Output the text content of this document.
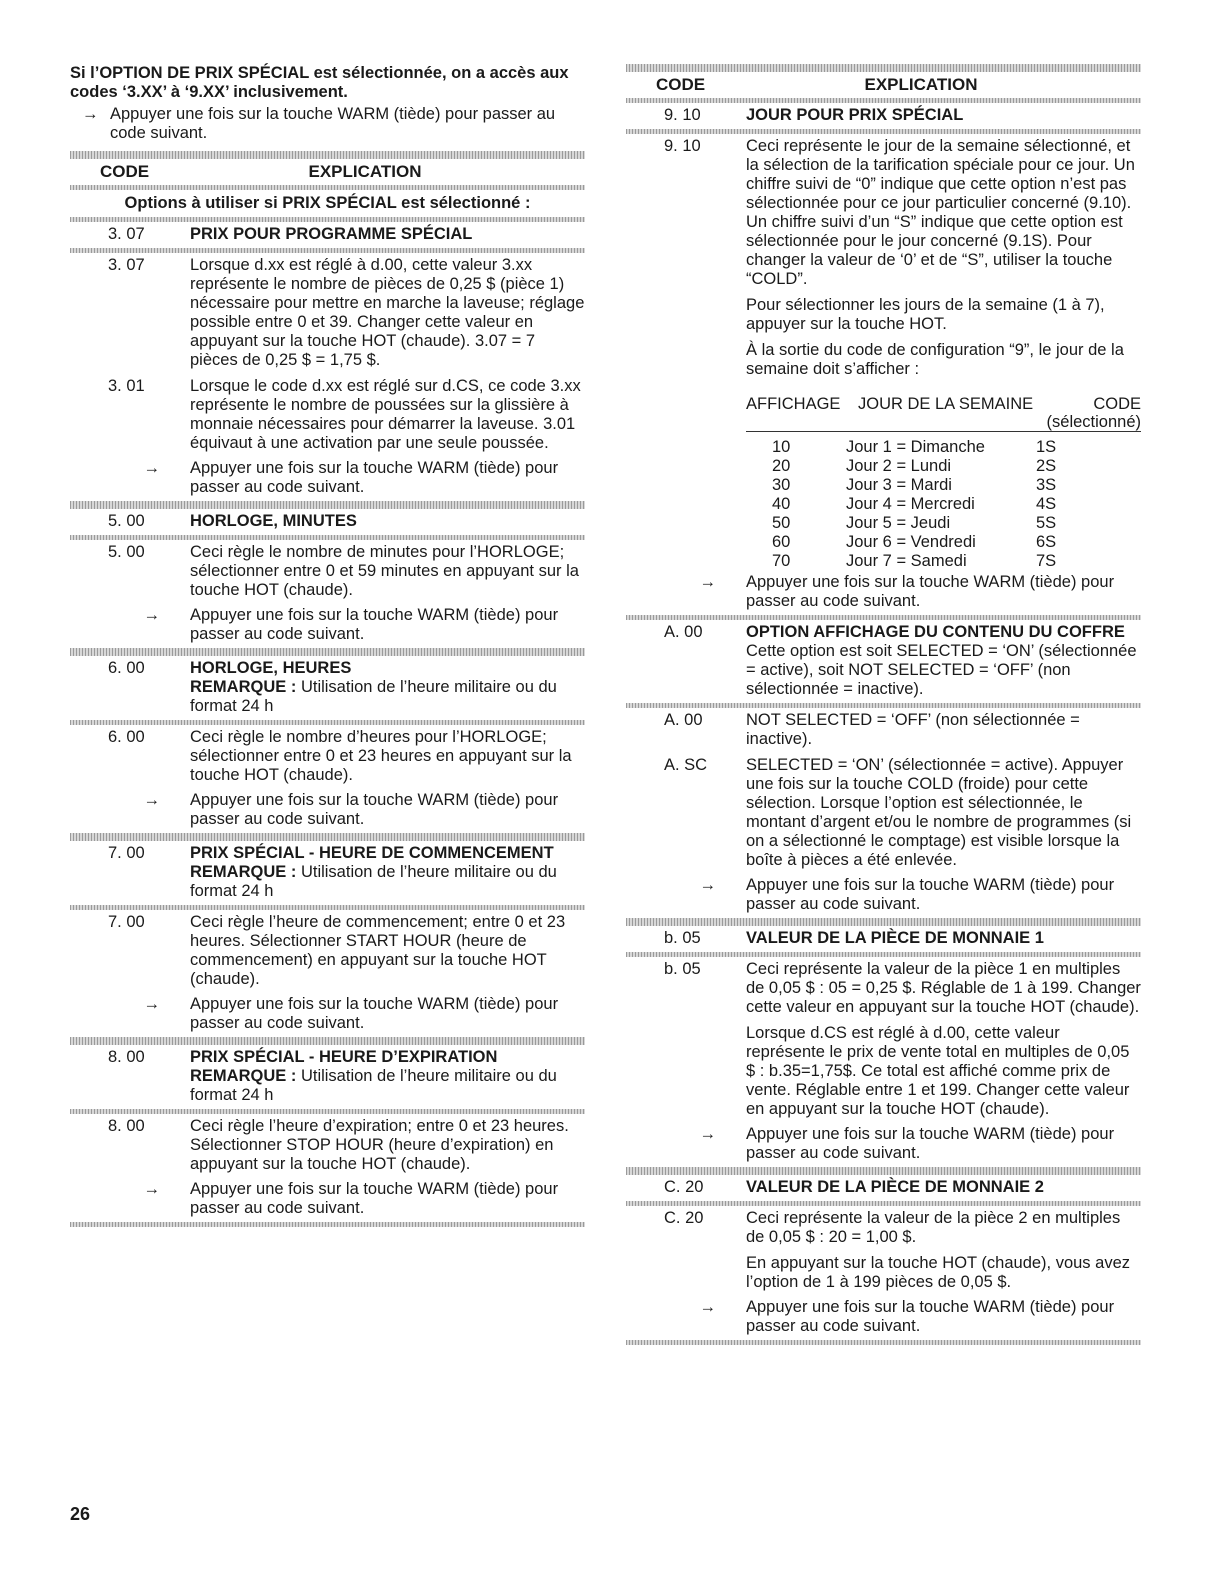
Si l’OPTION DE PRIX SPÉCIAL est sélectionnée, on a accès aux codes ‘3.XX’ à ‘9.XX’ inclusivement.
→ Appuyer une fois sur la touche WARM (tiède) pour passer au code suivant.
CODE	EXPLICATION
Options à utiliser si PRIX SPÉCIAL est sélectionné :
3. 07	PRIX POUR PROGRAMME SPÉCIAL
3. 07	Lorsque d.xx est réglé à d.00, cette valeur 3.xx représente le nombre de pièces de 0,25 $ (pièce 1) nécessaire pour mettre en marche la laveuse; réglage possible entre 0 et 39. Changer cette valeur en appuyant sur la touche HOT (chaude). 3.07 = 7 pièces de 0,25 $ = 1,75 $.
3. 01	Lorsque le code d.xx est réglé sur d.CS, ce code 3.xx représente le nombre de poussées sur la glissière à monnaie nécessaires pour démarrer la laveuse. 3.01 équivaut à une activation par une seule poussée.
→	Appuyer une fois sur la touche WARM (tiède) pour passer au code suivant.
5. 00	HORLOGE, MINUTES
5. 00	Ceci règle le nombre de minutes pour l’HORLOGE; sélectionner entre 0 et 59 minutes en appuyant sur la touche HOT (chaude).
→	Appuyer une fois sur la touche WARM (tiède) pour passer au code suivant.
6. 00	HORLOGE, HEURES
REMARQUE : Utilisation de l’heure militaire ou du format 24 h
6. 00	Ceci règle le nombre d’heures pour l’HORLOGE; sélectionner entre 0 et 23 heures en appuyant sur la touche HOT (chaude).
→	Appuyer une fois sur la touche WARM (tiède) pour passer au code suivant.
7. 00	PRIX SPÉCIAL - HEURE DE COMMENCEMENT
REMARQUE : Utilisation de l’heure militaire ou du format 24 h
7. 00	Ceci règle l’heure de commencement; entre 0 et 23 heures. Sélectionner START HOUR (heure de commencement) en appuyant sur la touche HOT (chaude).
→	Appuyer une fois sur la touche WARM (tiède) pour passer au code suivant.
8. 00	PRIX SPÉCIAL - HEURE D’EXPIRATION
REMARQUE : Utilisation de l’heure militaire ou du format 24 h
8. 00	Ceci règle l’heure d’expiration; entre 0 et 23 heures. Sélectionner STOP HOUR (heure d’expiration) en appuyant sur la touche HOT (chaude).
→	Appuyer une fois sur la touche WARM (tiède) pour passer au code suivant.
CODE	EXPLICATION
9. 10	JOUR POUR PRIX SPÉCIAL
9. 10	Ceci représente le jour de la semaine sélectionné, et la sélection de la tarification spéciale pour ce jour. Un chiffre suivi de “0” indique que cette option n’est pas sélectionnée pour ce jour particulier concerné (9.10). Un chiffre suivi d’un “S” indique que cette option est sélectionnée pour le jour concerné (9.1S). Pour changer la valeur de ‘0’ et de “S”, utiliser la touche “COLD”.
Pour sélectionner les jours de la semaine (1 à 7), appuyer sur la touche HOT.
À la sortie du code de configuration “9”, le jour de la semaine doit s’afficher :
AFFICHAGE	JOUR DE LA SEMAINE	CODE
(sélectionné)
10	Jour 1 = Dimanche	1S
20	Jour 2 = Lundi	2S
30	Jour 3 = Mardi	3S
40	Jour 4 = Mercredi	4S
50	Jour 5 = Jeudi	5S
60	Jour 6 = Vendredi	6S
70	Jour 7 = Samedi	7S
→	Appuyer une fois sur la touche WARM (tiède) pour passer au code suivant.
A. 00	OPTION AFFICHAGE DU CONTENU DU COFFRE
Cette option est soit SELECTED = ‘ON’ (sélectionnée = active), soit NOT SELECTED = ‘OFF’ (non sélectionnée = inactive).
A. 00	NOT SELECTED = ‘OFF’ (non sélectionnée = inactive).
A. SC	SELECTED = ‘ON’ (sélectionnée = active). Appuyer une fois sur la touche COLD (froide) pour cette sélection. Lorsque l’option est sélectionnée, le montant d’argent et/ou le nombre de programmes (si on a sélectionné le comptage) est visible lorsque la boîte à pièces a été enlevée.
→	Appuyer une fois sur la touche WARM (tiède) pour passer au code suivant.
b. 05	VALEUR DE LA PIÈCE DE MONNAIE 1
b. 05	Ceci représente la valeur de la pièce 1 en multiples de 0,05 $ : 05 = 0,25 $. Réglable de 1 à 199. Changer cette valeur en appuyant sur la touche HOT (chaude).
Lorsque d.CS est réglé à d.00, cette valeur représente le prix de vente total en multiples de 0,05 $ : b.35=1,75$. Ce total est affiché comme prix de vente. Réglable entre 1 et 199. Changer cette valeur en appuyant sur la touche HOT (chaude).
→	Appuyer une fois sur la touche WARM (tiède) pour passer au code suivant.
C. 20	VALEUR DE LA PIÈCE DE MONNAIE 2
C. 20	Ceci représente la valeur de la pièce 2 en multiples de 0,05 $ : 20 = 1,00 $.
En appuyant sur la touche HOT (chaude), vous avez l’option de 1 à 199 pièces de 0,05 $.
→	Appuyer une fois sur la touche WARM (tiède) pour passer au code suivant.
26
